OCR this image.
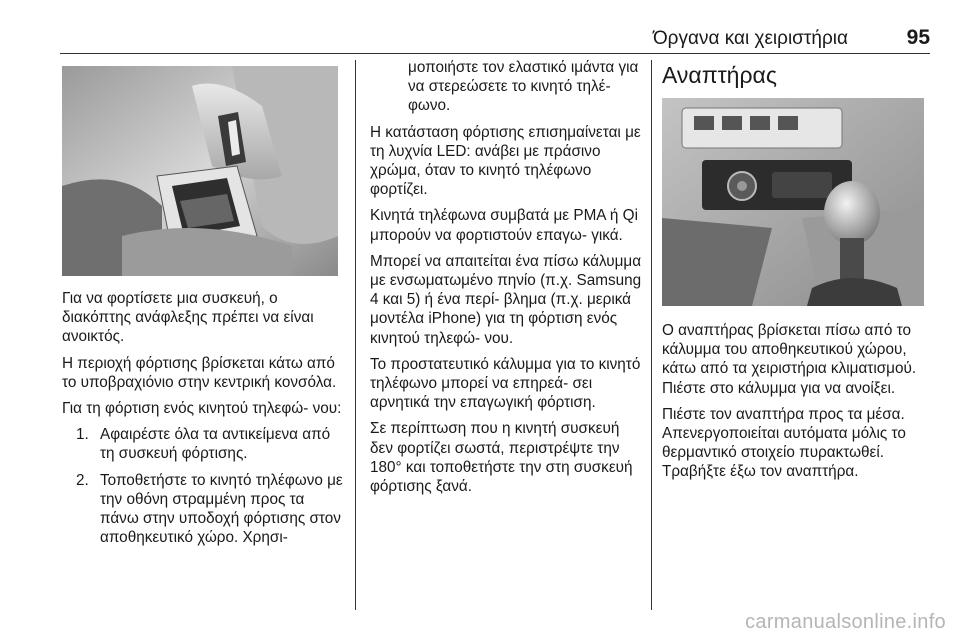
Όργανα και χειριστήρια	95

Για να φορτίσετε μια συσκευή, ο διακόπτης ανάφλεξης πρέπει να είναι ανοικτός.

Η περιοχή φόρτισης βρίσκεται κάτω από το υποβραχιόνιο στην κεντρική κονσόλα.

Για τη φόρτιση ενός κινητού τηλεφώ‐ νου:

1. Αφαιρέστε όλα τα αντικείμενα από τη συσκευή φόρτισης.
2. Τοποθετήστε το κινητό τηλέφωνο με την οθόνη στραμμένη προς τα πάνω στην υποδοχή φόρτισης στον αποθηκευτικό χώρο. Χρησι‐
μοποιήστε τον ελαστικό ιμάντα για να στερεώσετε το κινητό τηλέ‐ φωνο.

Η κατάσταση φόρτισης επισημαίνεται με τη λυχνία LED: ανάβει με πράσινο χρώμα, όταν το κινητό τηλέφωνο φορτίζει.

Κινητά τηλέφωνα συμβατά με PMA ή Qi μπορούν να φορτιστούν επαγω‐ γικά.

Μπορεί να απαιτείται ένα πίσω κάλυμμα με ενσωματωμένο πηνίο (π.χ. Samsung 4 και 5) ή ένα περί‐ βλημα (π.χ. μερικά μοντέλα iPhone) για τη φόρτιση ενός κινητού τηλεφώ‐ νου.

Το προστατευτικό κάλυμμα για το κινητό τηλέφωνο μπορεί να επηρεά‐ σει αρνητικά την επαγωγική φόρτιση.

Σε περίπτωση που η κινητή συσκευή δεν φορτίζει σωστά, περιστρέψτε την 180° και τοποθετήστε την στη συσκευή φόρτισης ξανά.

Αναπτήρας

Ο αναπτήρας βρίσκεται πίσω από το κάλυμμα του αποθηκευτικού χώρου, κάτω από τα χειριστήρια κλιματισμού. Πιέστε στο κάλυμμα για να ανοίξει.

Πιέστε τον αναπτήρα προς τα μέσα. Απενεργοποιείται αυτόματα μόλις το θερμαντικό στοιχείο πυρακτωθεί. Τραβήξτε έξω τον αναπτήρα.

carmanualsonline.info
